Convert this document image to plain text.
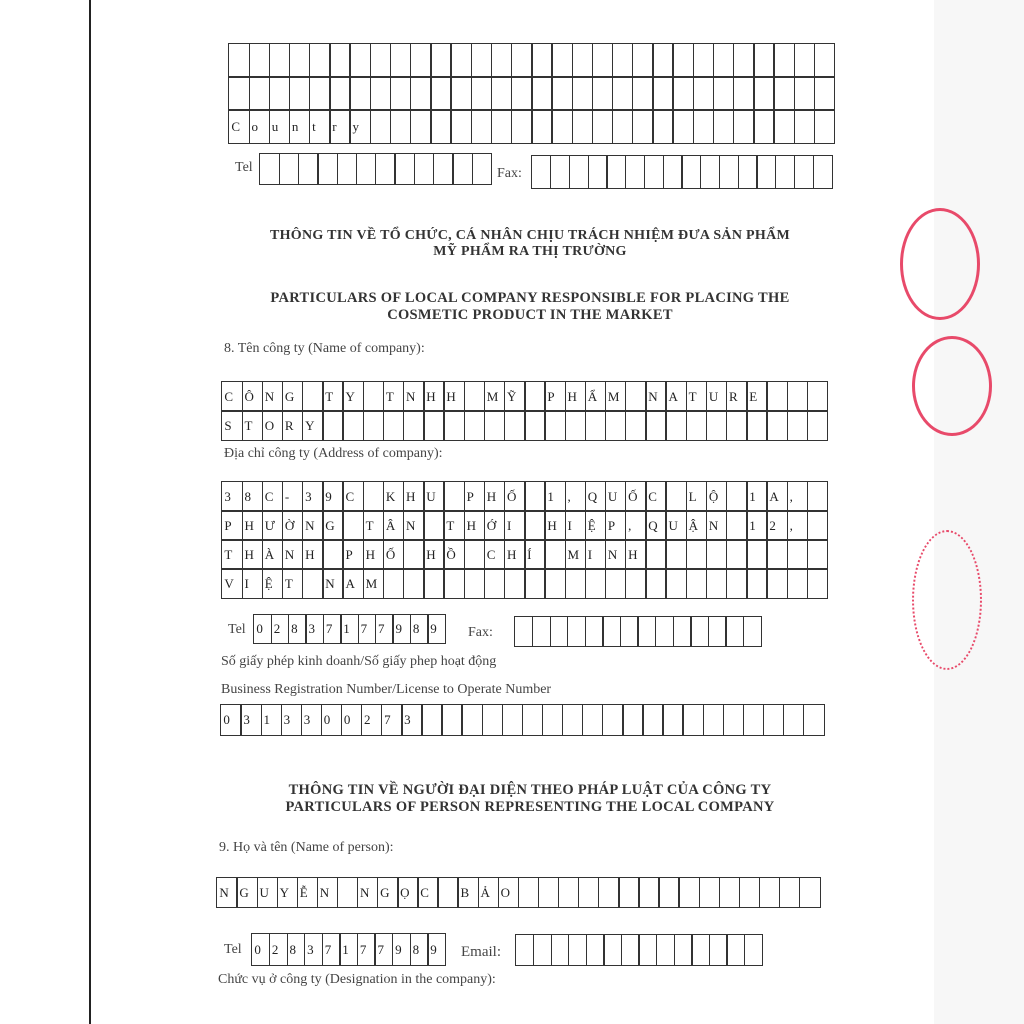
C o	u	n	t	r	y
Tel	Fax:
THÔNG TIN VỀ TỔ CHỨC, CÁ NHÂN CHỊU TRÁCH NHIỆM ĐƯA SẢN PHẨM
MỸ PHẨM RA THỊ TRƯỜNG
PARTICULARS OF LOCAL COMPANY RESPONSIBLE FOR PLACING THE
COSMETIC PRODUCT IN THE MARKET
8. Tên công ty (Name of company):
C Ô N G	T Y	T N H H	M Ỹ	P H Ẩ M	N A T U R E
S T O R Y
Địa chỉ công ty (Address of company):
3	8	C -	3	9	C	K H U	P H Ố	1	,	Q U Ố C	L Ộ	1	A ,
P H Ư Ờ N G	T Â N	T H Ớ I	H I	Ệ P ,	Q U Ậ N	1	2	,
T H À N H	P H Ố	H Ồ	C H Í	M I	N H
V I	Ệ T	N A M
Tel 0 2 8 3 7 1 7 7 9 8 9	Fax:
Số giấy phép kinh doanh/Số giấy phep hoạt động
Business Registration Number/License to Operate Number
0	3	1	3	3	0	0	2	7	3
THÔNG TIN VỀ NGƯỜI ĐẠI DIỆN THEO PHÁP LUẬT CỦA CÔNG TY
PARTICULARS OF PERSON REPRESENTING THE LOCAL COMPANY
9. Họ và tên (Name of person):
N G U Y Ễ N	N G Ọ C	B Ả O
Tel 0 2 8 3 7 1 7 7 9 8 9	Email:
Chức vụ ở công ty (Designation in the company):
